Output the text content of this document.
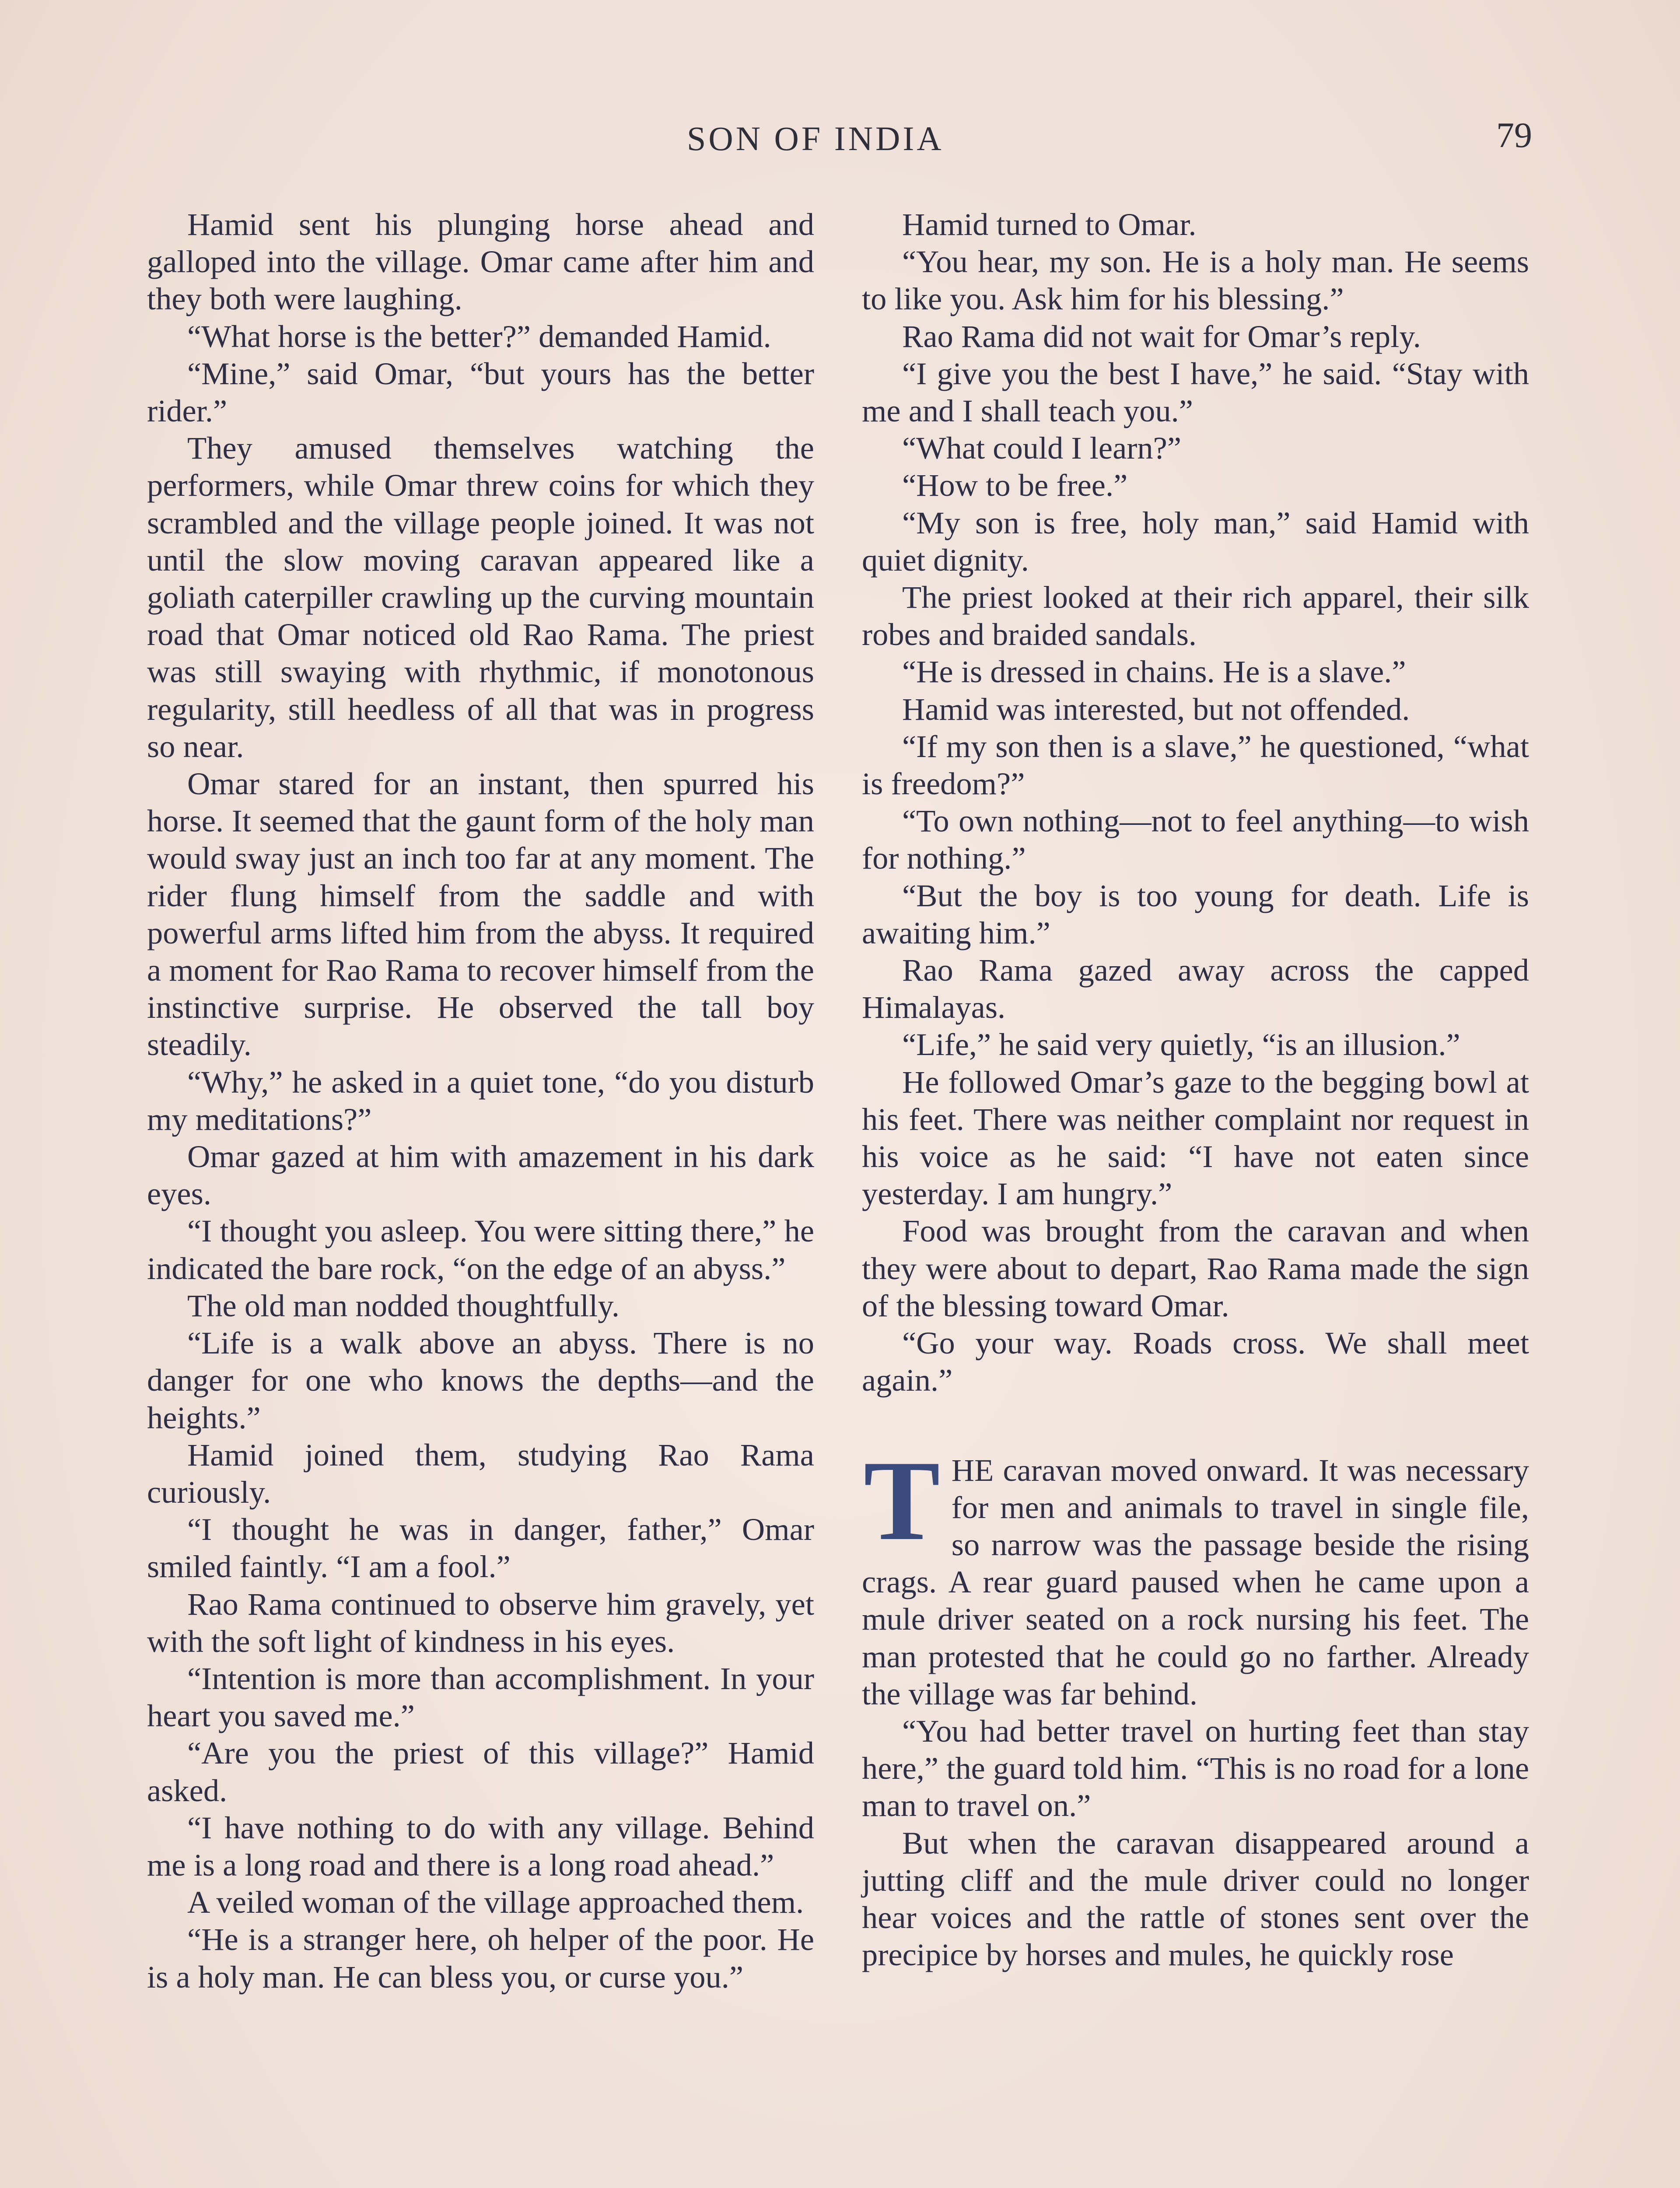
SON OF INDIA	79

Hamid sent his plunging horse ahead and galloped into the village. Omar came after him and they both were laughing.

“What horse is the better?” demanded Hamid.

“Mine,” said Omar, “but yours has the better rider.”

They amused themselves watching the performers, while Omar threw coins for which they scrambled and the village people joined. It was not until the slow moving caravan appeared like a goliath caterpiller crawling up the curving mountain road that Omar noticed old Rao Rama. The priest was still swaying with rhythmic, if monotonous regularity, still heedless of all that was in progress so near.

Omar stared for an instant, then spurred his horse. It seemed that the gaunt form of the holy man would sway just an inch too far at any moment. The rider flung himself from the saddle and with powerful arms lifted him from the abyss. It required a moment for Rao Rama to recover himself from the instinctive surprise. He observed the tall boy steadily.

“Why,” he asked in a quiet tone, “do you disturb my meditations?”

Omar gazed at him with amazement in his dark eyes.

“I thought you asleep. You were sitting there,” he indicated the bare rock, “on the edge of an abyss.”

The old man nodded thoughtfully.

“Life is a walk above an abyss. There is no danger for one who knows the depths—and the heights.”

Hamid joined them, studying Rao Rama curiously.

“I thought he was in danger, father,” Omar smiled faintly. “I am a fool.”

Rao Rama continued to observe him gravely, yet with the soft light of kindness in his eyes.

“Intention is more than accomplishment. In your heart you saved me.”

“Are you the priest of this village?” Hamid asked.

“I have nothing to do with any village. Behind me is a long road and there is a long road ahead.”

A veiled woman of the village approached them.

“He is a stranger here, oh helper of the poor. He is a holy man. He can bless you, or curse you.”

Hamid turned to Omar.

“You hear, my son. He is a holy man. He seems to like you. Ask him for his blessing.”

Rao Rama did not wait for Omar’s reply.

“I give you the best I have,” he said. “Stay with me and I shall teach you.”

“What could I learn?”

“How to be free.”

“My son is free, holy man,” said Hamid with quiet dignity.

The priest looked at their rich apparel, their silk robes and braided sandals.

“He is dressed in chains. He is a slave.”

Hamid was interested, but not offended.

“If my son then is a slave,” he questioned, “what is freedom?”

“To own nothing—not to feel anything—to wish for nothing.”

“But the boy is too young for death. Life is awaiting him.”

Rao Rama gazed away across the capped Himalayas.

“Life,” he said very quietly, “is an illusion.”

He followed Omar’s gaze to the begging bowl at his feet. There was neither complaint nor request in his voice as he said: “I have not eaten since yesterday. I am hungry.”

Food was brought from the caravan and when they were about to depart, Rao Rama made the sign of the blessing toward Omar.

“Go your way. Roads cross. We shall meet again.”

THE caravan moved onward. It was necessary for men and animals to travel in single file, so narrow was the passage beside the rising crags. A rear guard paused when he came upon a mule driver seated on a rock nursing his feet. The man protested that he could go no farther. Already the village was far behind.

“You had better travel on hurting feet than stay here,” the guard told him. “This is no road for a lone man to travel on.”

But when the caravan disappeared around a jutting cliff and the mule driver could no longer hear voices and the rattle of stones sent over the precipice by horses and mules, he quickly rose
